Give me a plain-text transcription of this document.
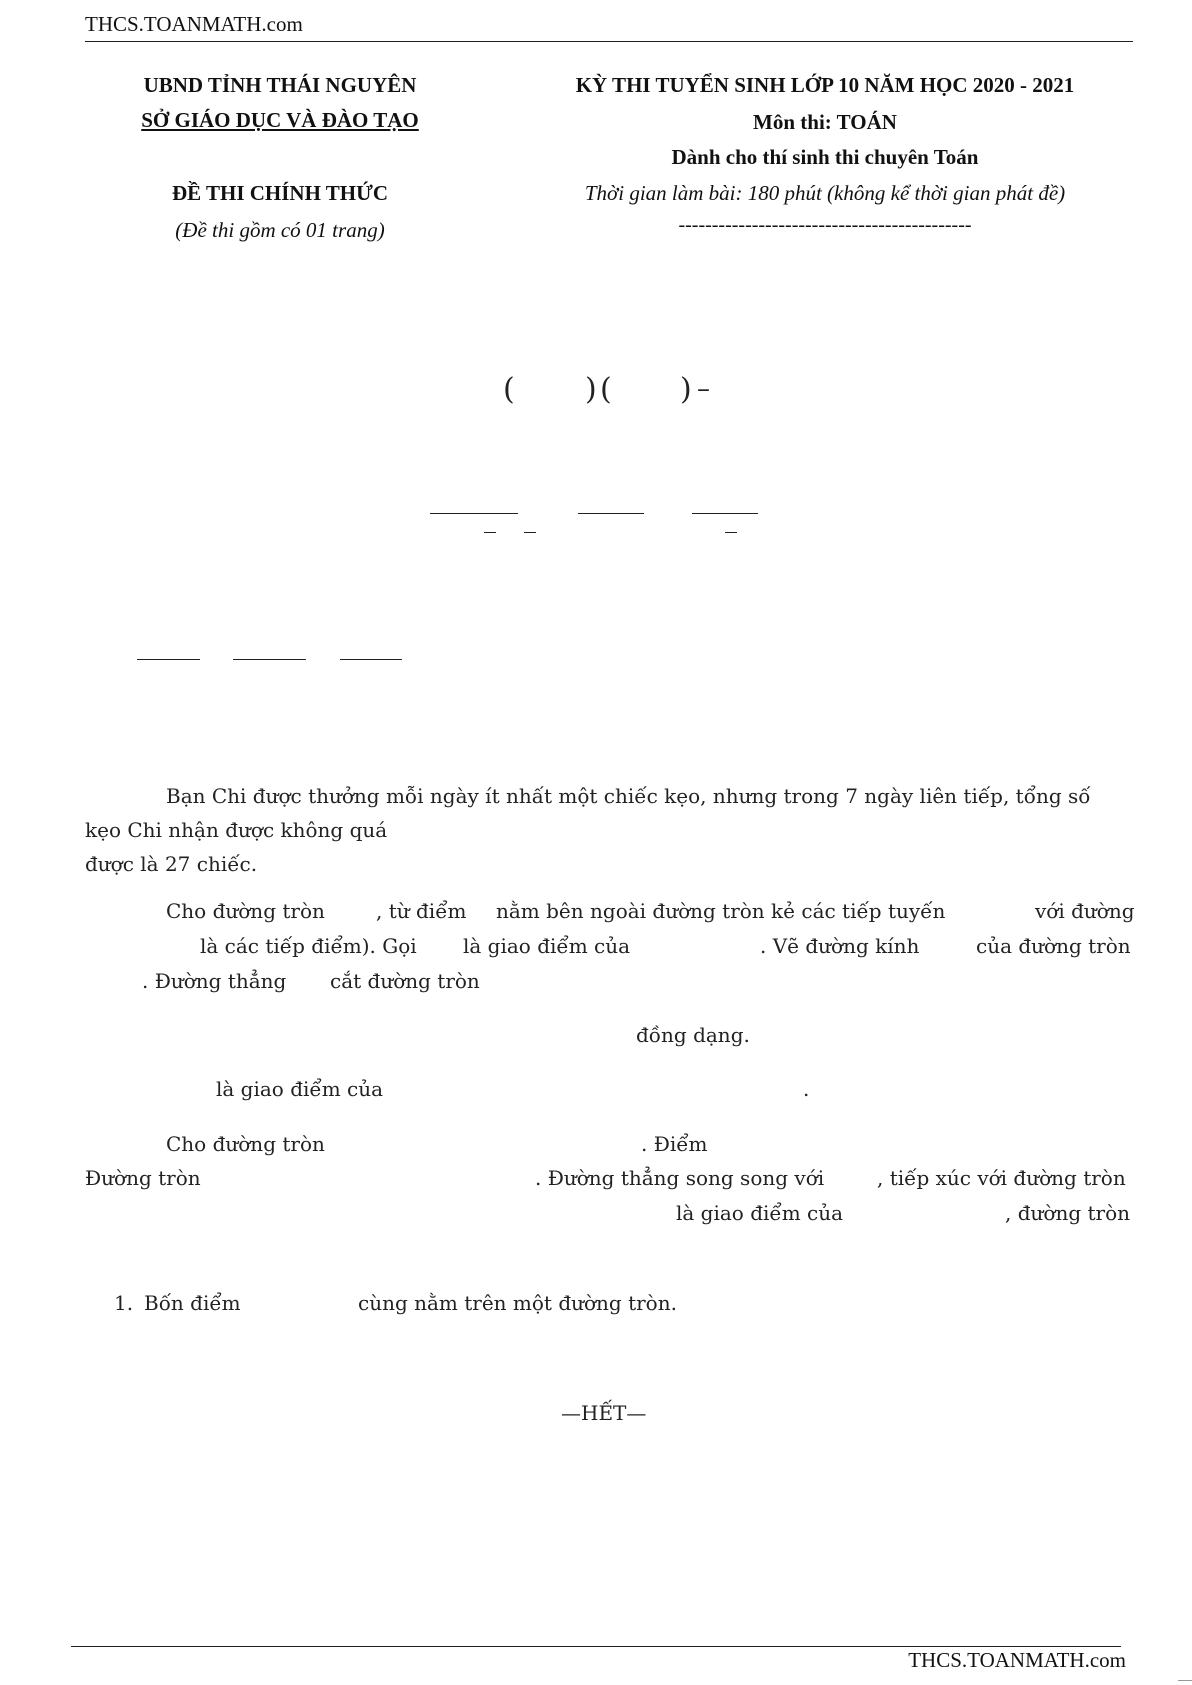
THCS.TOANMATH.com
UBND TỈNH THÁI NGUYÊN
SỞ GIÁO DỤC VÀ ĐÀO TẠO
ĐỀ THI CHÍNH THỨC
(Đề thi gồm có 01 trang)
KỲ THI TUYỂN SINH LỚP 10 NĂM HỌC 2020 - 2021
Môn thi: TOÁN
Dành cho thí sinh thi chuyên Toán
Thời gian làm bài: 180 phút (không kể thời gian phát đề)
--------------------------------------------
( ) ( ) –
Bạn Chi được thưởng mỗi ngày ít nhất một chiếc kẹo, nhưng trong 7 ngày liên tiếp, tổng số
kẹo Chi nhận được không quá
được là 27 chiếc.
Cho đường tròn	, từ điểm nằm bên ngoài đường tròn kẻ các tiếp tuyến	với đường
là các tiếp điểm). Gọi là giao điểm của	. Vẽ đường kính	của đường tròn
. Đường thẳng cắt đường tròn
đồng dạng.
là giao điểm của	.
Cho đường tròn	. Điểm
Đường tròn	. Đường thẳng song song với	, tiếp xúc với đường tròn
là giao điểm của	, đường tròn
1. Bốn điểm	cùng nằm trên một đường tròn.
—HẾT—
THCS.TOANMATH.com
